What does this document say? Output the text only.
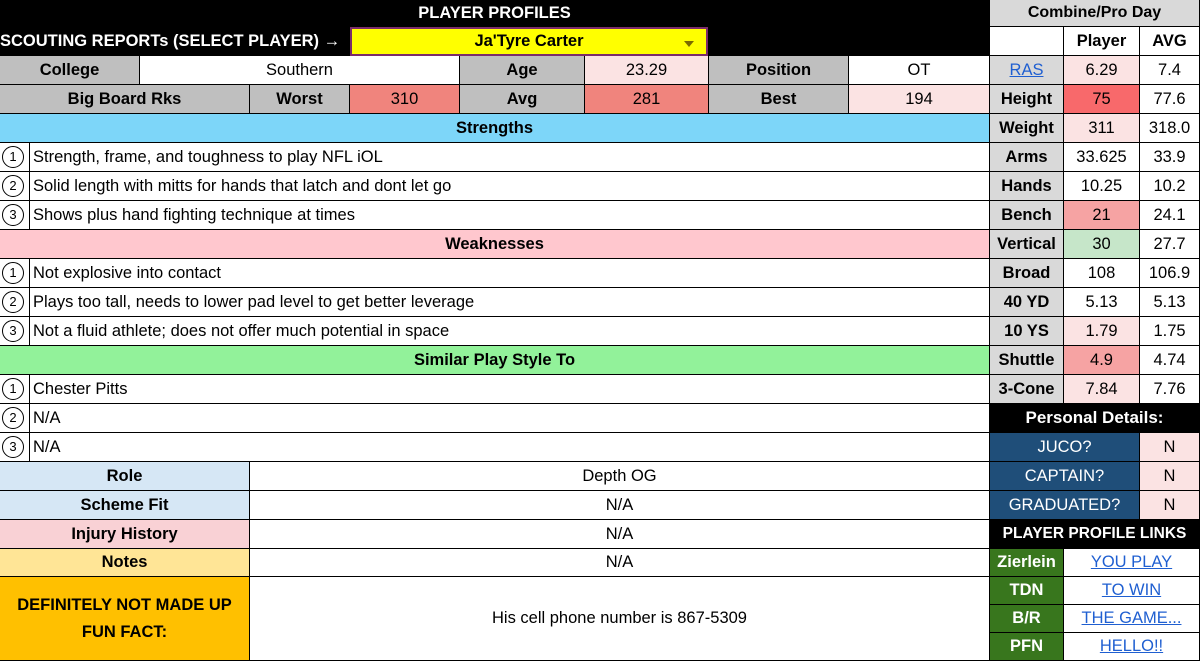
PLAYER PROFILES	Combine/Pro Day
SCOUTING REPORTs (SELECT PLAYER) →	Ja'Tyre Carter	Player	AVG
College	Southern	Age	23.29	Position	OT
Big Board Rks	Worst	310	Avg	281	Best	194
Strengths
1 Strength, frame, and toughness to play NFL iOL
2 Solid length with mitts for hands that latch and dont let go
3 Shows plus hand fighting technique at times
Weaknesses
1 Not explosive into contact
2 Plays too tall, needs to lower pad level to get better leverage
3 Not a fluid athlete; does not offer much potential in space
Similar Play Style To
1 Chester Pitts
2 N/A
3 N/A
Role	Depth OG
Scheme Fit	N/A
Injury History	N/A
Notes	N/A
DEFINITELY NOT MADE UP
FUN FACT:
His cell phone number is 867-5309
RAS	6.29	7.4
Height	75	77.6
Weight	311	318.0
Arms	33.625	33.9
Hands	10.25	10.2
Bench	21	24.1
Vertical	30	27.7
Broad	108	106.9
40 YD	5.13	5.13
10 YS	1.79	1.75
Shuttle	4.9	4.74
3-Cone	7.84	7.76
Personal Details:
JUCO?	N
CAPTAIN?	N
GRADUATED?	N
PLAYER PROFILE LINKS
Zierlein	YOU PLAY
TDN	TO WIN
B/R	THE GAME...
PFN	HELLO!!
